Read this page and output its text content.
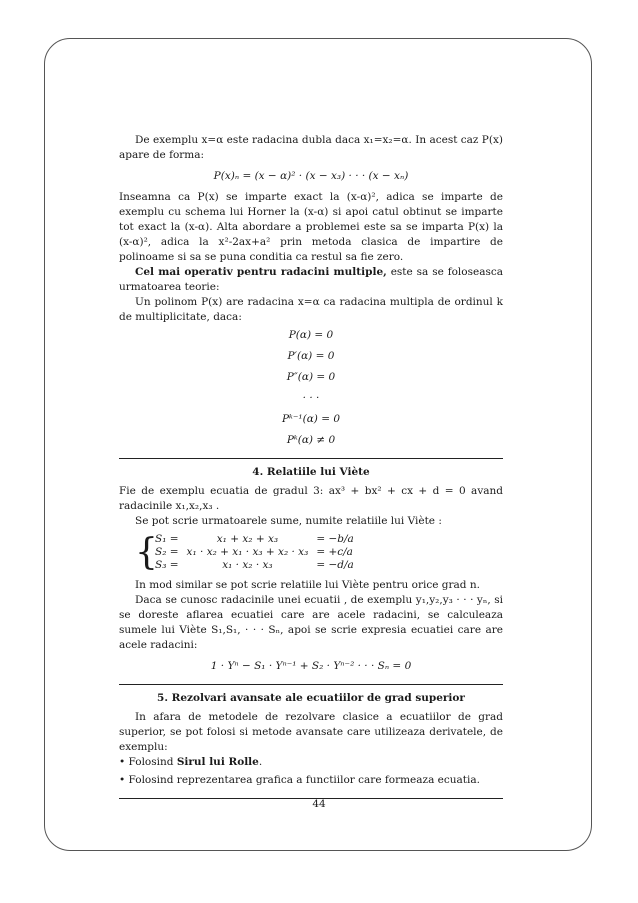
De exemplu x=α este radacina dubla daca x₁=x₂=α. In acest caz P(x) apare de forma:

P(x)ₙ = (x − α)² · (x − x₃) · · · (x − xₙ)

Inseamna ca P(x) se imparte exact la (x-α)², adica se imparte de exemplu cu schema lui Horner la (x-α) si apoi catul obtinut se imparte tot exact la (x-α). Alta abordare a problemei este sa se imparta P(x) la (x-α)², adica la x²-2ax+a² prin metoda clasica de impartire de polinoame si sa se puna conditia ca restul sa fie zero.

Cel mai operativ pentru radacini multiple, este sa se foloseasca urmatoarea teorie:

Un polinom P(x) are radacina x=α ca radacina multipla de ordinul k de multiplicitate, daca:

P(α) = 0
P′(α) = 0
P″(α) = 0
· · ·
Pᵏ⁻¹(α) = 0
Pᵏ(α) ≠ 0
4. Relatiile lui Viète

Fie de exemplu ecuatia de gradul 3: ax³ + bx² + cx + d = 0 avand radacinile x₁,x₂,x₃ .

Se pot scrie urmatoarele sume, numite relatiile lui Viète :

{
S₁ =	x₁ + x₂ + x₃	= −b/a
S₂ =	x₁ · x₂ + x₁ · x₃ + x₂ · x₃	= +c/a
S₃ =	x₁ · x₂ · x₃	= −d/a

In mod similar se pot scrie relatiile lui Viète pentru orice grad n.

Daca se cunosc radacinile unei ecuatii , de exemplu y₁,y₂,y₃ · · · yₙ, si se doreste aflarea ecuatiei care are acele radacini, se calculeaza sumele lui Viète S₁,S₁, · · · Sₙ, apoi se scrie expresia ecuatiei care are acele radacini:

1 · Yⁿ − S₁ · Yⁿ⁻¹ + S₂ · Yⁿ⁻² · · · Sₙ = 0
5. Rezolvari avansate ale ecuatiilor de grad superior

In afara de metodele de rezolvare clasice a ecuatiilor de grad superior, se pot folosi si metode avansate care utilizeaza derivatele, de exemplu:

• Folosind Sirul lui Rolle.

• Folosind reprezentarea grafica a functiilor care formeaza ecuatia.

44
